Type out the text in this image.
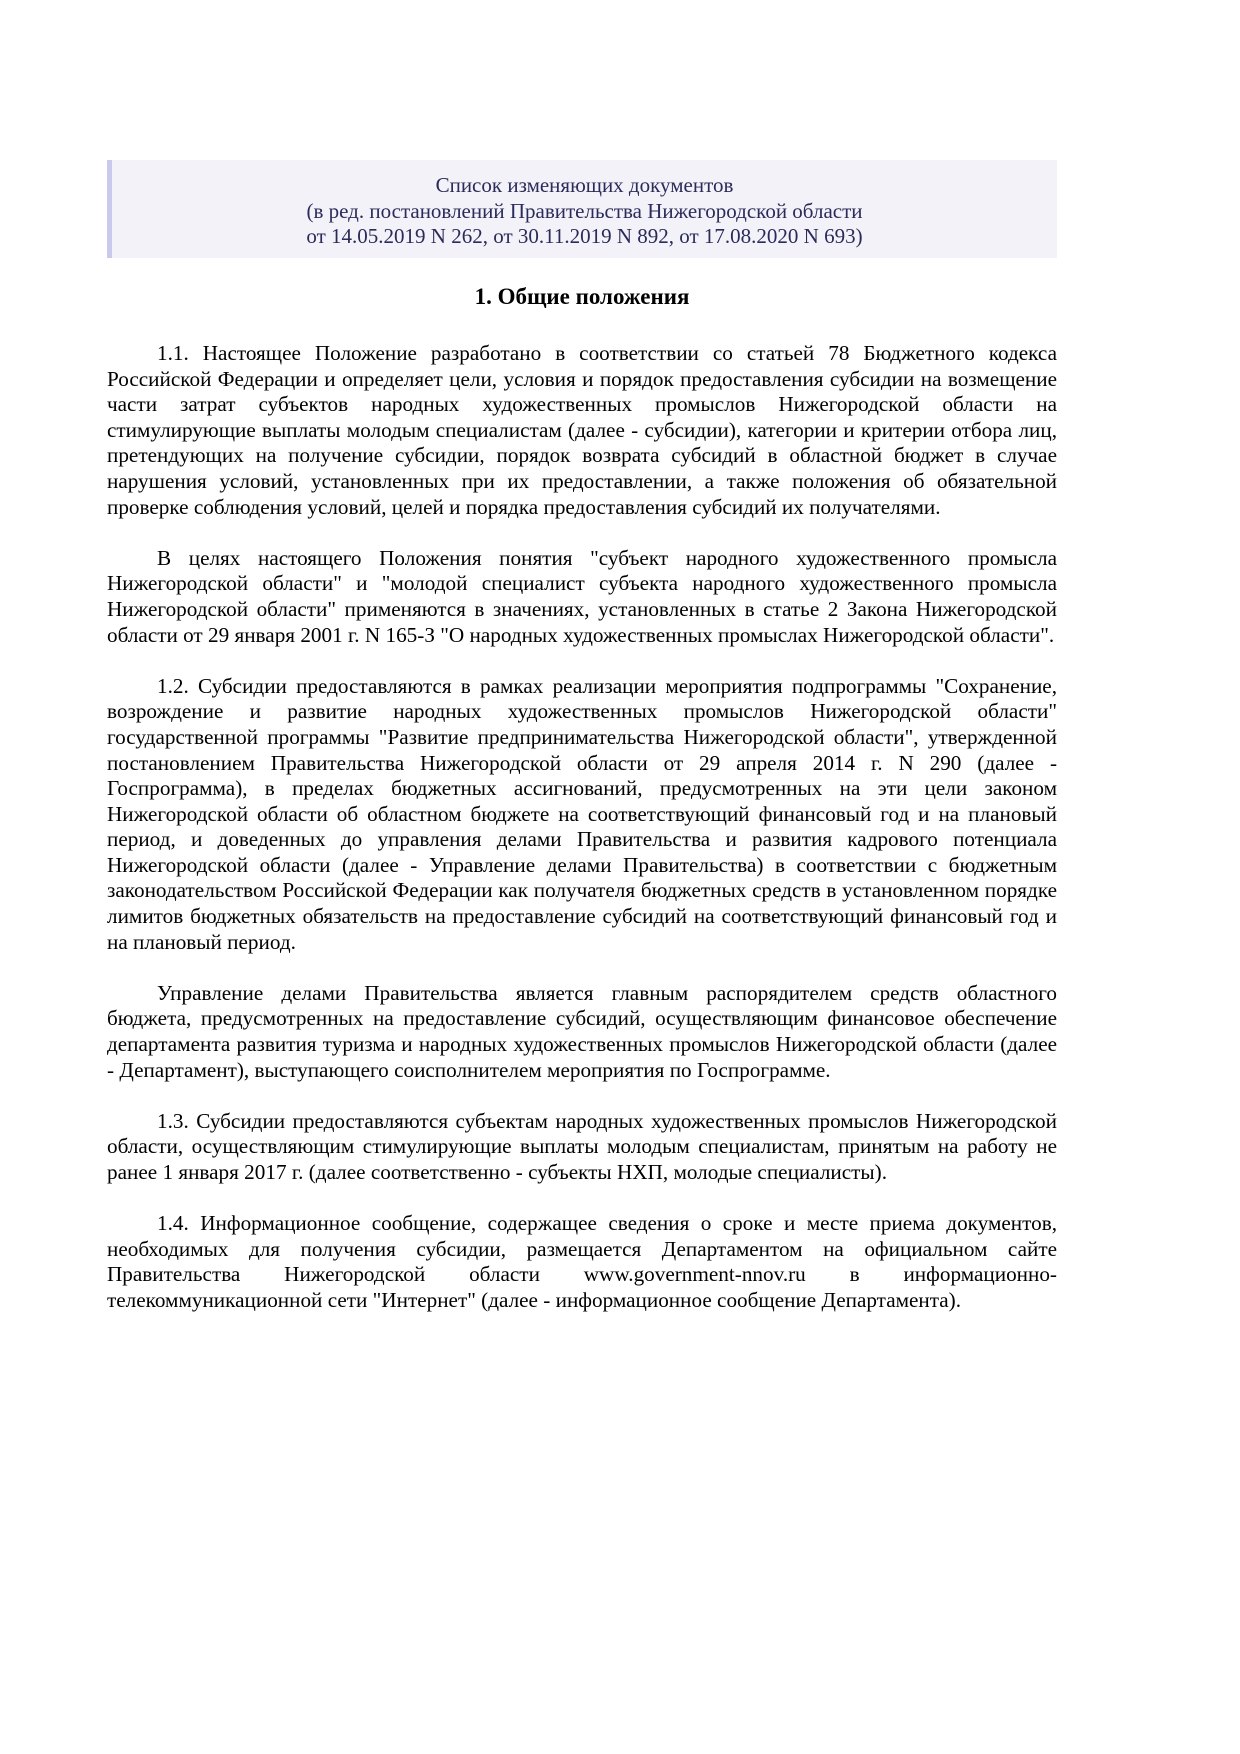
Список изменяющих документов
(в ред. постановлений Правительства Нижегородской области
от 14.05.2019 N 262, от 30.11.2019 N 892, от 17.08.2020 N 693)
1. Общие положения

1.1. Настоящее Положение разработано в соответствии со статьей 78 Бюджетного кодекса Российской Федерации и определяет цели, условия и порядок предоставления субсидии на возмещение части затрат субъектов народных художественных промыслов Нижегородской области на стимулирующие выплаты молодым специалистам (далее - субсидии), категории и критерии отбора лиц, претендующих на получение субсидии, порядок возврата субсидий в областной бюджет в случае нарушения условий, установленных при их предоставлении, а также положения об обязательной проверке соблюдения условий, целей и порядка предоставления субсидий их получателями.

В целях настоящего Положения понятия "субъект народного художественного промысла Нижегородской области" и "молодой специалист субъекта народного художественного промысла Нижегородской области" применяются в значениях, установленных в статье 2 Закона Нижегородской области от 29 января 2001 г. N 165-З "О народных художественных промыслах Нижегородской области".

1.2. Субсидии предоставляются в рамках реализации мероприятия подпрограммы "Сохранение, возрождение и развитие народных художественных промыслов Нижегородской области" государственной программы "Развитие предпринимательства Нижегородской области", утвержденной постановлением Правительства Нижегородской области от 29 апреля 2014 г. N 290 (далее - Госпрограмма), в пределах бюджетных ассигнований, предусмотренных на эти цели законом Нижегородской области об областном бюджете на соответствующий финансовый год и на плановый период, и доведенных до управления делами Правительства и развития кадрового потенциала Нижегородской области (далее - Управление делами Правительства) в соответствии с бюджетным законодательством Российской Федерации как получателя бюджетных средств в установленном порядке лимитов бюджетных обязательств на предоставление субсидий на соответствующий финансовый год и на плановый период.

Управление делами Правительства является главным распорядителем средств областного бюджета, предусмотренных на предоставление субсидий, осуществляющим финансовое обеспечение департамента развития туризма и народных художественных промыслов Нижегородской области (далее - Департамент), выступающего соисполнителем мероприятия по Госпрограмме.

1.3. Субсидии предоставляются субъектам народных художественных промыслов Нижегородской области, осуществляющим стимулирующие выплаты молодым специалистам, принятым на работу не ранее 1 января 2017 г. (далее соответственно - субъекты НХП, молодые специалисты).

1.4. Информационное сообщение, содержащее сведения о сроке и месте приема документов, необходимых для получения субсидии, размещается Департаментом на официальном сайте Правительства Нижегородской области www.government-nnov.ru в информационно-телекоммуникационной сети "Интернет" (далее - информационное сообщение Департамента).
